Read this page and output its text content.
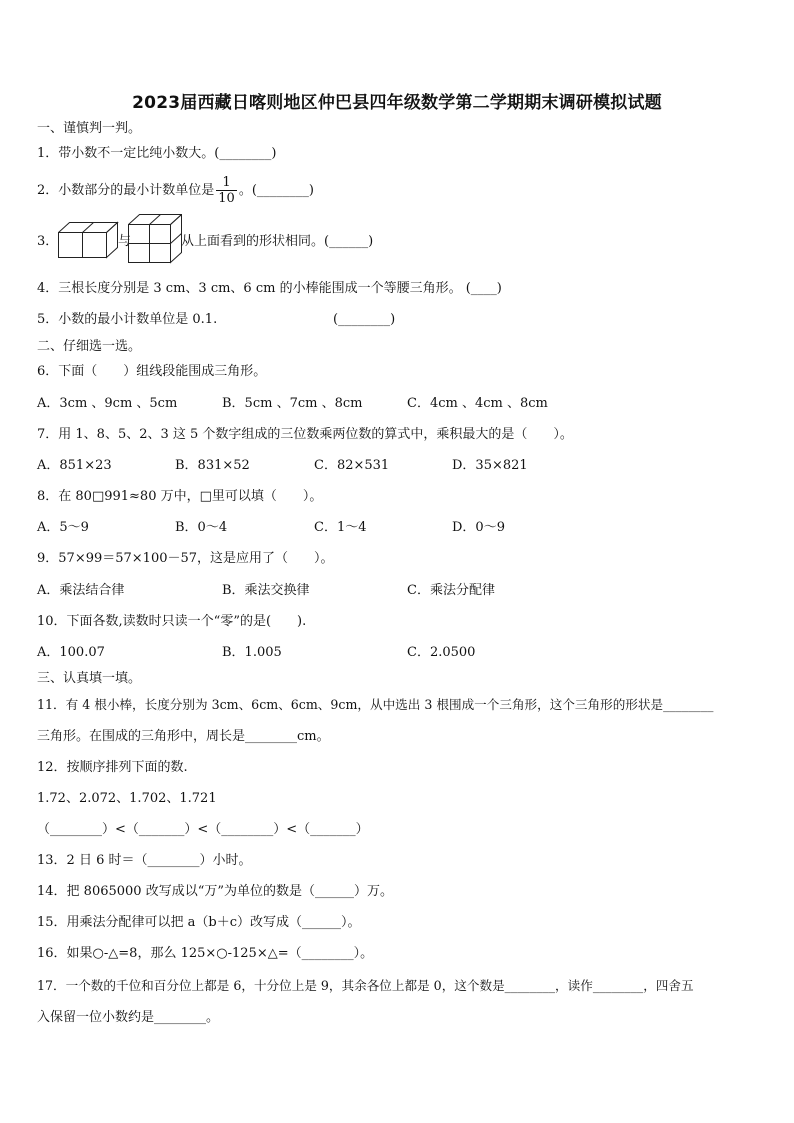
2023届西藏日喀则地区仲巴县四年级数学第二学期期末调研模拟试题
一、谨慎判一判。
1．带小数不一定比纯小数大。(________)
2．小数部分的最小计数单位是 $\frac{1}{10}$ 。(________)
3．	与	从上面看到的形状相同。(______)
4．三根长度分别是 3 cm、3 cm、6 cm 的小棒能围成一个等腰三角形。 (____)
5．小数的最小计数单位是 0.1.	(________)
二、仔细选一选。
6．下面（　　）组线段能围成三角形。
A．3cm 、9cm 、5cm	B．5cm 、7cm 、8cm	C．4cm 、4cm 、8cm
7．用 1、8、5、2、3 这 5 个数字组成的三位数乘两位数的算式中，乘积最大的是（　　）。
A．851×23	B．831×52	C．82×531	D．35×821
8．在 80□991≈80 万中，□里可以填（　　）。
A．5～9	B．0～4	C．1～4	D．0～9
9．57×99＝57×100－57，这是应用了（　　）。
A．乘法结合律	B．乘法交换律	C．乘法分配律
10．下面各数,读数时只读一个“零”的是(　　).
A．100.07	B．1.005	C．2.0500
三、认真填一填。
11．有 4 根小棒，长度分别为 3cm、6cm、6cm、9cm，从中选出 3 根围成一个三角形，这个三角形的形状是________
三角形。在围成的三角形中，周长是________cm。
12．按顺序排列下面的数.
1.72、2.072、1.702、1.721
（________）<（_______）<（________）<（_______）
13．2 日 6 时＝（________）小时。
14．把 8065000 改写成以“万”为单位的数是（______）万。
15．用乘法分配律可以把 a（b＋c）改写成（______）。
16．如果○-△=8，那么 125×○-125×△=（________）。
17．一个数的千位和百分位上都是 6，十分位上是 9，其余各位上都是 0，这个数是________，读作________，四舍五
入保留一位小数约是________。
